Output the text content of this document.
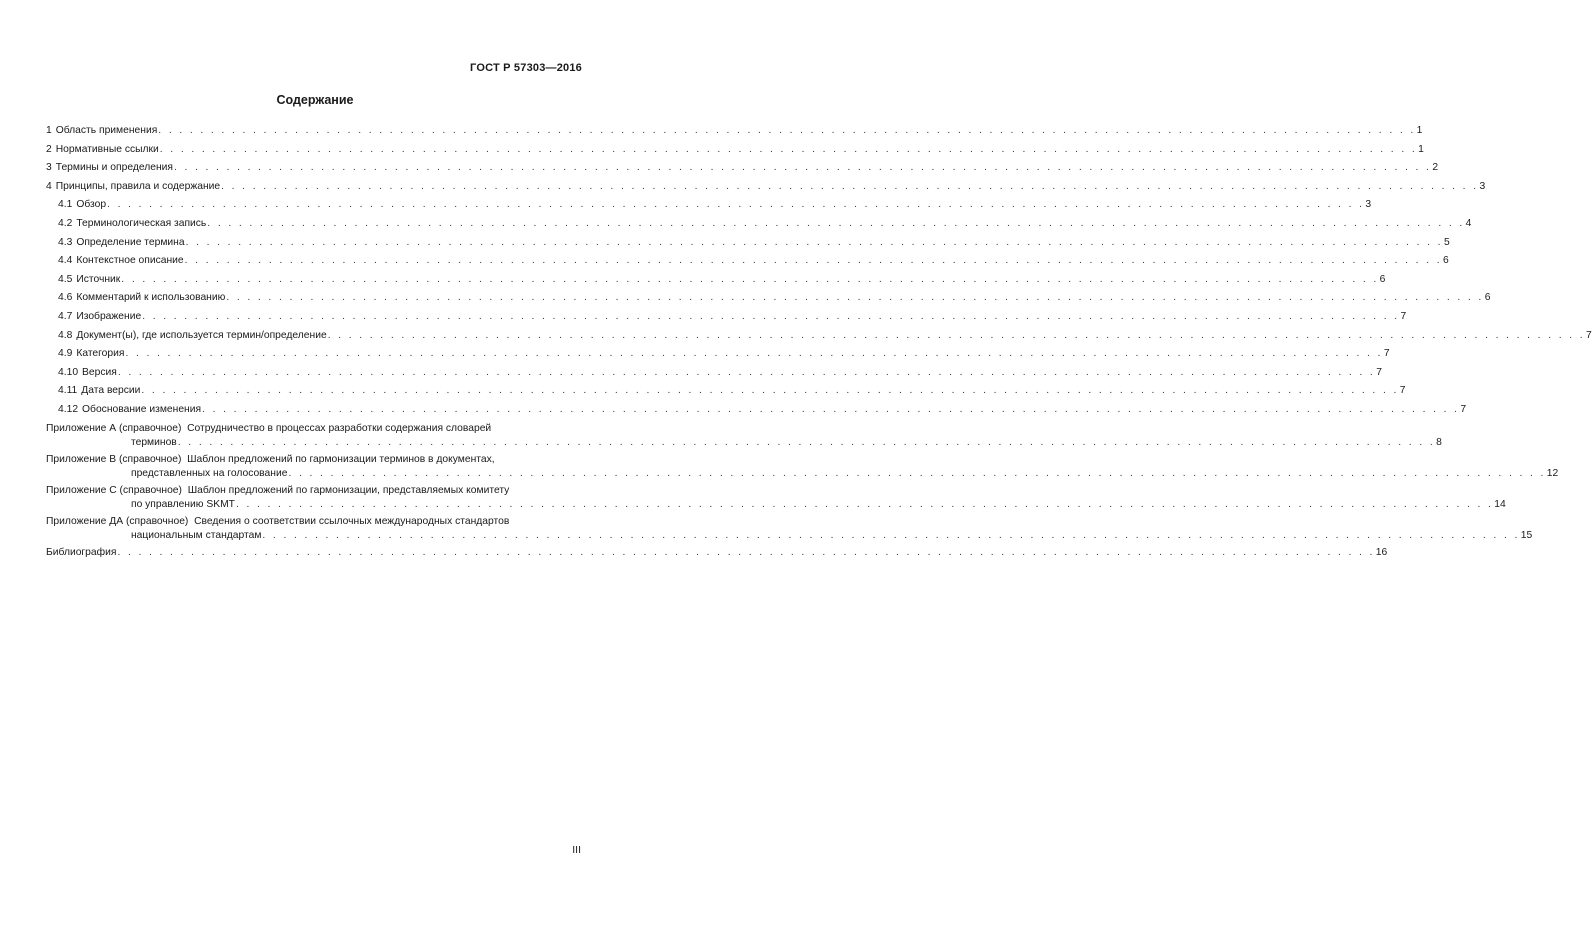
ГОСТ Р 57303—2016
Содержание
1 Область применения . . . . . . . . . . . . . . . . . . . . . . . . . . . . . . . . . . . . . . . . . . . . . . . . . . . . . . . . . . . . . . . . . . . . . . . . . . . . . . . . . . . . . . . . . . . . . . . . . . . . . . . . . . . . . . . . . . . . . . . . 1
2 Нормативные ссылки . . . . . . . . . . . . . . . . . . . . . . . . . . . . . . . . . . . . . . . . . . . . . . . . . . . . . . . . . . . . . . . . . . . . . . . . . . . . . . . . . . . . . . . . . . . . . . . . . . . . . . . . . . . . . . . . . . . . . . . . 1
3 Термины и определения . . . . . . . . . . . . . . . . . . . . . . . . . . . . . . . . . . . . . . . . . . . . . . . . . . . . . . . . . . . . . . . . . . . . . . . . . . . . . . . . . . . . . . . . . . . . . . . . . . . . . . . . . . . . . . . . . . . . . . . . 2
4 Принципы, правила и содержание . . . . . . . . . . . . . . . . . . . . . . . . . . . . . . . . . . . . . . . . . . . . . . . . . . . . . . . . . . . . . . . . . . . . . . . . . . . . . . . . . . . . . . . . . . . . . . . . . . . . . . . . . . . . . . . . . . . . . . . . 3
4.1 Обзор . . . . . . . . . . . . . . . . . . . . . . . . . . . . . . . . . . . . . . . . . . . . . . . . . . . . . . . . . . . . . . . . . . . . . . . . . . . . . . . . . . . . . . . . . . . . . . . . . . . . . . . . . . . . . . . . . . . . . . . . 3
4.2 Терминологическая запись . . . . . . . . . . . . . . . . . . . . . . . . . . . . . . . . . . . . . . . . . . . . . . . . . . . . . . . . . . . . . . . . . . . . . . . . . . . . . . . . . . . . . . . . . . . . . . . . . . . . . . . . . . . . . . . . . . . . . . . . 4
4.3 Определение термина . . . . . . . . . . . . . . . . . . . . . . . . . . . . . . . . . . . . . . . . . . . . . . . . . . . . . . . . . . . . . . . . . . . . . . . . . . . . . . . . . . . . . . . . . . . . . . . . . . . . . . . . . . . . . . . . . . . . . . . . 5
4.4 Контекстное описание . . . . . . . . . . . . . . . . . . . . . . . . . . . . . . . . . . . . . . . . . . . . . . . . . . . . . . . . . . . . . . . . . . . . . . . . . . . . . . . . . . . . . . . . . . . . . . . . . . . . . . . . . . . . . . . . . . . . . . . . 6
4.5 Источник . . . . . . . . . . . . . . . . . . . . . . . . . . . . . . . . . . . . . . . . . . . . . . . . . . . . . . . . . . . . . . . . . . . . . . . . . . . . . . . . . . . . . . . . . . . . . . . . . . . . . . . . . . . . . . . . . . . . . . . . 6
4.6 Комментарий к использованию . . . . . . . . . . . . . . . . . . . . . . . . . . . . . . . . . . . . . . . . . . . . . . . . . . . . . . . . . . . . . . . . . . . . . . . . . . . . . . . . . . . . . . . . . . . . . . . . . . . . . . . . . . . . . . . . . . . . . . . . 6
4.7 Изображение . . . . . . . . . . . . . . . . . . . . . . . . . . . . . . . . . . . . . . . . . . . . . . . . . . . . . . . . . . . . . . . . . . . . . . . . . . . . . . . . . . . . . . . . . . . . . . . . . . . . . . . . . . . . . . . . . . . . . . . . 7
4.8 Документ(ы), где используется термин/определение . . . . . . . . . . . . . . . . . . . . . . . . . . . . . . . . . . . . . . . . . . . . . . . . . . . . . . . . . . . . . . . . . . . . . . . . . . . . . . . . . . . . . . . . . . . . . . . . . . . . . . . . . . . . . . . . . . . . . . . . 7
4.9 Категория . . . . . . . . . . . . . . . . . . . . . . . . . . . . . . . . . . . . . . . . . . . . . . . . . . . . . . . . . . . . . . . . . . . . . . . . . . . . . . . . . . . . . . . . . . . . . . . . . . . . . . . . . . . . . . . . . . . . . . . . 7
4.10 Версия . . . . . . . . . . . . . . . . . . . . . . . . . . . . . . . . . . . . . . . . . . . . . . . . . . . . . . . . . . . . . . . . . . . . . . . . . . . . . . . . . . . . . . . . . . . . . . . . . . . . . . . . . . . . . . . . . . . . . . . . 7
4.11 Дата версии . . . . . . . . . . . . . . . . . . . . . . . . . . . . . . . . . . . . . . . . . . . . . . . . . . . . . . . . . . . . . . . . . . . . . . . . . . . . . . . . . . . . . . . . . . . . . . . . . . . . . . . . . . . . . . . . . . . . . . . . 7
4.12 Обоснование изменения . . . . . . . . . . . . . . . . . . . . . . . . . . . . . . . . . . . . . . . . . . . . . . . . . . . . . . . . . . . . . . . . . . . . . . . . . . . . . . . . . . . . . . . . . . . . . . . . . . . . . . . . . . . . . . . . . . . . . . . . 7
Приложение А (справочное)
Сотрудничество в процессах разработки содержания словарей
терминов . . . . . . . . . . . . . . . . . . . . . . . . . . . . . . . . . . . . . . . . . . . . . . . . . . . . . . . . . . . . . . . . . . . . . . . . . . . . . . . . . . . . . . . . . . . . . . . . . . . . . . . . . . . . . . . . . . . . . . . . 8
Приложение В (справочное)
Шаблон предложений по гармонизации терминов в документах,
представленных на голосование . . . . . . . . . . . . . . . . . . . . . . . . . . . . . . . . . . . . . . . . . . . . . . . . . . . . . . . . . . . . . . . . . . . . . . . . . . . . . . . . . . . . . . . . . . . . . . . . . . . . . . . . . . . . . . . . . . . . . . . . 12
Приложение С (справочное)
Шаблон предложений по гармонизации, представляемых комитету
по управлению SKMT . . . . . . . . . . . . . . . . . . . . . . . . . . . . . . . . . . . . . . . . . . . . . . . . . . . . . . . . . . . . . . . . . . . . . . . . . . . . . . . . . . . . . . . . . . . . . . . . . . . . . . . . . . . . . . . . . . . . . . . . 14
Приложение ДА (справочное)
Сведения о соответствии ссылочных международных стандартов
национальным стандартам . . . . . . . . . . . . . . . . . . . . . . . . . . . . . . . . . . . . . . . . . . . . . . . . . . . . . . . . . . . . . . . . . . . . . . . . . . . . . . . . . . . . . . . . . . . . . . . . . . . . . . . . . . . . . . . . . . . . . . . . 15
Библиография . . . . . . . . . . . . . . . . . . . . . . . . . . . . . . . . . . . . . . . . . . . . . . . . . . . . . . . . . . . . . . . . . . . . . . . . . . . . . . . . . . . . . . . . . . . . . . . . . . . . . . . . . . . . . . . . . . . . . . . . 16
III
